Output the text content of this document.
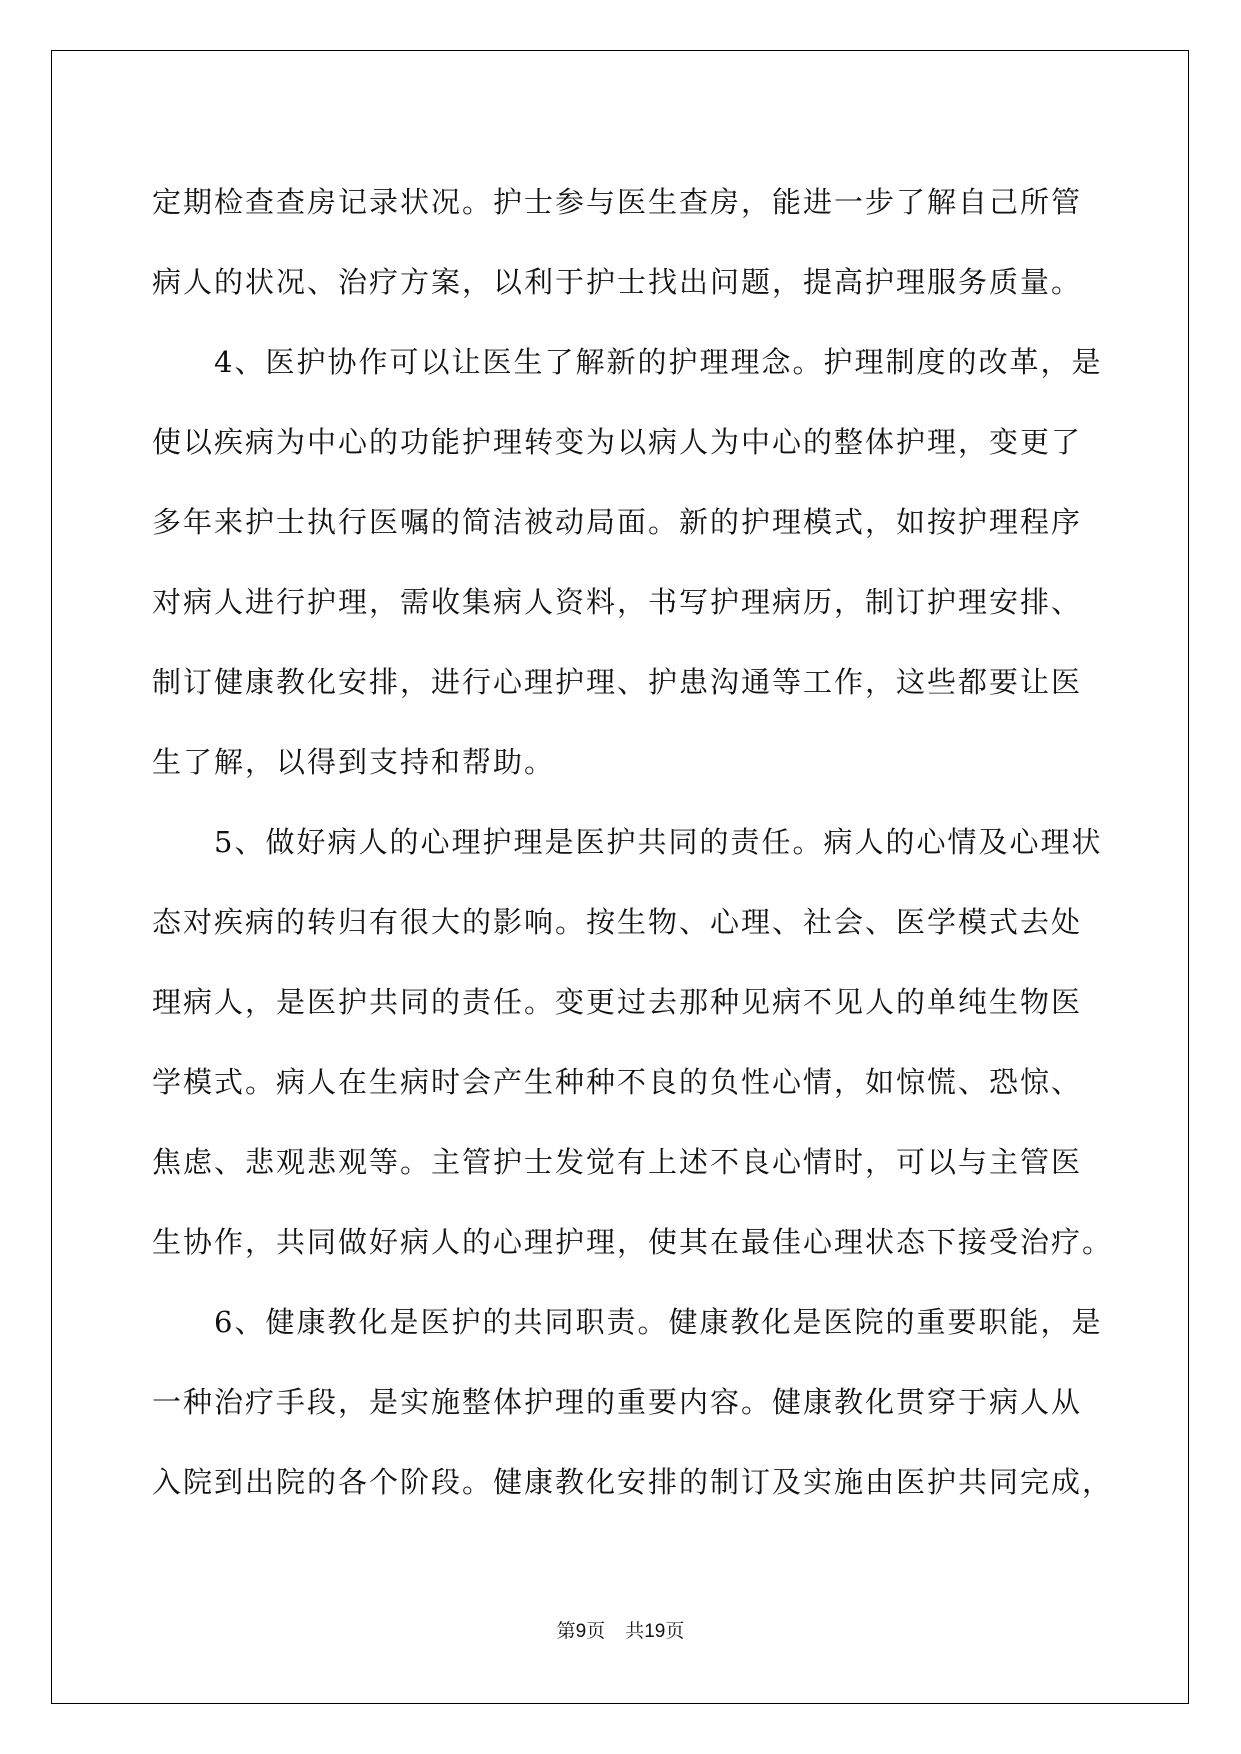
定期检查查房记录状况。护士参与医生查房，能进一步了解自己所管
病人的状况、治疗方案，以利于护士找出问题，提高护理服务质量。
4、医护协作可以让医生了解新的护理理念。护理制度的改革，是
使以疾病为中心的功能护理转变为以病人为中心的整体护理，变更了
多年来护士执行医嘱的简洁被动局面。新的护理模式，如按护理程序
对病人进行护理，需收集病人资料，书写护理病历，制订护理安排、
制订健康教化安排，进行心理护理、护患沟通等工作，这些都要让医
生了解，以得到支持和帮助。
5、做好病人的心理护理是医护共同的责任。病人的心情及心理状
态对疾病的转归有很大的影响。按生物、心理、社会、医学模式去处
理病人，是医护共同的责任。变更过去那种见病不见人的单纯生物医
学模式。病人在生病时会产生种种不良的负性心情，如惊慌、恐惊、
焦虑、悲观悲观等。主管护士发觉有上述不良心情时，可以与主管医
生协作，共同做好病人的心理护理，使其在最佳心理状态下接受治疗。
6、健康教化是医护的共同职责。健康教化是医院的重要职能，是
一种治疗手段，是实施整体护理的重要内容。健康教化贯穿于病人从
入院到出院的各个阶段。健康教化安排的制订及实施由医护共同完成，
第9页 共19页
